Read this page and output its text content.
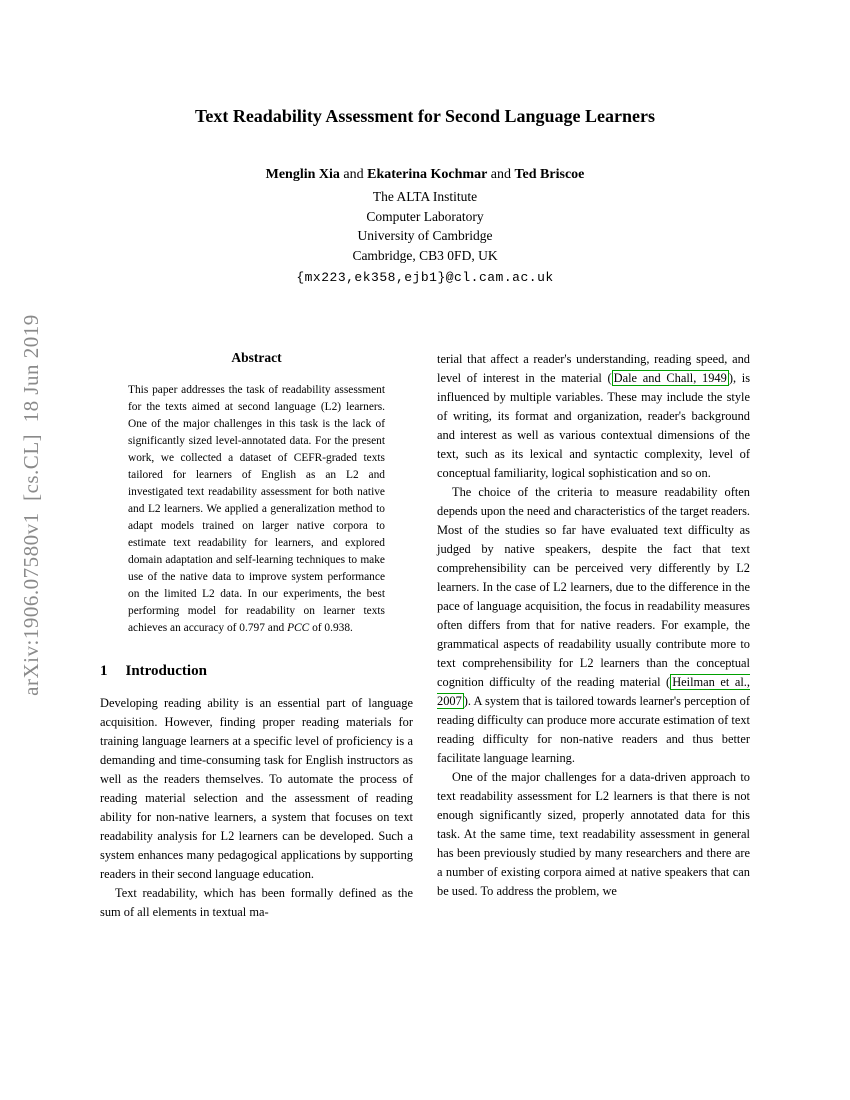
arXiv:1906.07580v1  [cs.CL]  18 Jun 2019
Text Readability Assessment for Second Language Learners
Menglin Xia and Ekaterina Kochmar and Ted Briscoe
The ALTA Institute
Computer Laboratory
University of Cambridge
Cambridge, CB3 0FD, UK
{mx223,ek358,ejb1}@cl.cam.ac.uk
Abstract

This paper addresses the task of readability assessment for the texts aimed at second language (L2) learners. One of the major challenges in this task is the lack of significantly sized level-annotated data. For the present work, we collected a dataset of CEFR-graded texts tailored for learners of English as an L2 and investigated text readability assessment for both native and L2 learners. We applied a generalization method to adapt models trained on larger native corpora to estimate text readability for learners, and explored domain adaptation and self-learning techniques to make use of the native data to improve system performance on the limited L2 data. In our experiments, the best performing model for readability on learner texts achieves an accuracy of 0.797 and PCC of 0.938.

1 Introduction

Developing reading ability is an essential part of language acquisition. However, finding proper reading materials for training language learners at a specific level of proficiency is a demanding and time-consuming task for English instructors as well as the readers themselves. To automate the process of reading material selection and the assessment of reading ability for non-native learners, a system that focuses on text readability analysis for L2 learners can be developed. Such a system enhances many pedagogical applications by supporting readers in their second language education.

Text readability, which has been formally defined as the sum of all elements in textual ma-

terial that affect a reader's understanding, reading speed, and level of interest in the material ( Dale and Chall, 1949 ), is influenced by multiple variables. These may include the style of writing, its format and organization, reader's background and interest as well as various contextual dimensions of the text, such as its lexical and syntactic complexity, level of conceptual familiarity, logical sophistication and so on.

The choice of the criteria to measure readability often depends upon the need and characteristics of the target readers. Most of the studies so far have evaluated text difficulty as judged by native speakers, despite the fact that text comprehensibility can be perceived very differently by L2 learners. In the case of L2 learners, due to the difference in the pace of language acquisition, the focus in readability measures often differs from that for native readers. For example, the grammatical aspects of readability usually contribute more to text comprehensibility for L2 learners than the conceptual cognition difficulty of the reading material ( Heilman et al., 2007 ). A system that is tailored towards learner's perception of reading difficulty can produce more accurate estimation of text reading difficulty for non-native readers and thus better facilitate language learning.

One of the major challenges for a data-driven approach to text readability assessment for L2 learners is that there is not enough significantly sized, properly annotated data for this task. At the same time, text readability assessment in general has been previously studied by many researchers and there are a number of existing corpora aimed at native speakers that can be used. To address the problem, we
